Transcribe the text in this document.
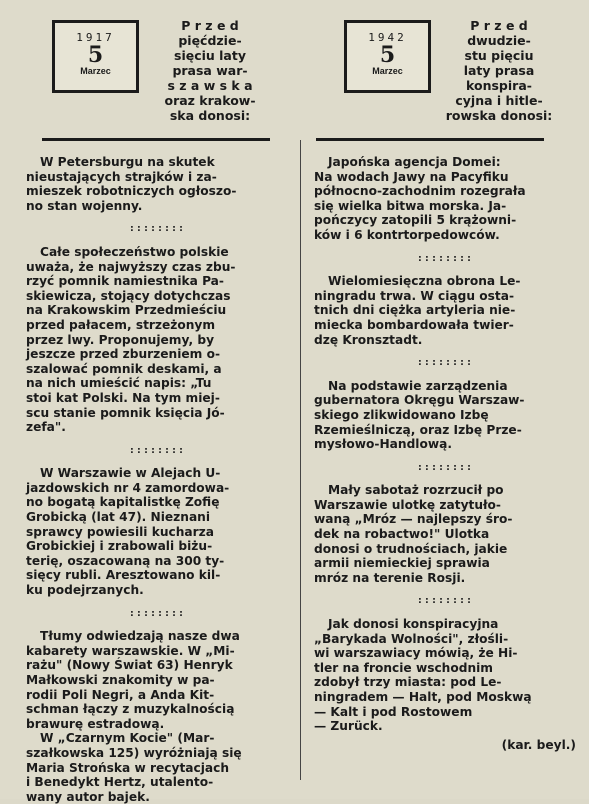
1917
5
Marzec
P r z e d
pięćdzie-
sięciu laty
prasa war-
s z a w s k a
oraz krakow-
ska donosi:

W Petersburgu na skutek
nieustających strajków i za-
mieszek robotniczych ogłoszo-
no stan wojenny.

::::::::

Całe społeczeństwo polskie
uważa, że najwyższy czas zbu-
rzyć pomnik namiestnika Pa-
skiewicza, stojący dotychczas
na Krakowskim Przedmieściu
przed pałacem, strzeżonym
przez lwy. Proponujemy, by
jeszcze przed zburzeniem o-
szalować pomnik deskami, a
na nich umieścić napis: „Tu
stoi kat Polski. Na tym miej-
scu stanie pomnik księcia Jó-
zefa".

::::::::

W Warszawie w Alejach U-
jazdowskich nr 4 zamordowa-
no bogatą kapitalistkę Zofię
Grobicką (lat 47). Nieznani
sprawcy powiesili kucharza
Grobickiej i zrabowali biżu-
terię, oszacowaną na 300 ty-
sięcy rubli. Aresztowano kil-
ku podejrzanych.

::::::::

Tłumy odwiedzają nasze dwa
kabarety warszawskie. W „Mi-
rażu" (Nowy Świat 63) Henryk
Małkowski znakomity w pa-
rodii Poli Negri, a Anda Kit-
schman łączy z muzykalnością
brawurę estradową.
W „Czarnym Kocie" (Mar-
szałkowska 125) wyróżniają się
Maria Strońska w recytacjach
i Benedykt Hertz, utalento-
wany autor bajek.

1942
5
Marzec
P r z e d
dwudzie-
stu pięciu
laty prasa
konspira-
cyjna i hitle-
rowska donosi:

Japońska agencja Domei:
Na wodach Jawy na Pacyfiku
północno-zachodnim rozegrała
się wielka bitwa morska. Ja-
pończycy zatopili 5 krążowni-
ków i 6 kontrtorpedowców.

::::::::

Wielomiesięczna obrona Le-
ningradu trwa. W ciągu osta-
tnich dni ciężka artyleria nie-
miecka bombardowała twier-
dzę Kronsztadt.

::::::::

Na podstawie zarządzenia
gubernatora Okręgu Warszaw-
skiego zlikwidowano Izbę
Rzemieślniczą, oraz Izbę Prze-
mysłowo-Handlową.

::::::::

Mały sabotaż rozrzucił po
Warszawie ulotkę zatytuło-
waną „Mróz — najlepszy śro-
dek na robactwo!" Ulotka
donosi o trudnościach, jakie
armii niemieckiej sprawia
mróz na terenie Rosji.

::::::::

Jak donosi konspiracyjna
„Barykada Wolności", złośli-
wi warszawiacy mówią, że Hi-
tler na froncie wschodnim
zdobył trzy miasta: pod Le-
ningradem — Halt, pod Moskwą
— Kalt i pod Rostowem
— Zurück.

(kar. beyl.)
